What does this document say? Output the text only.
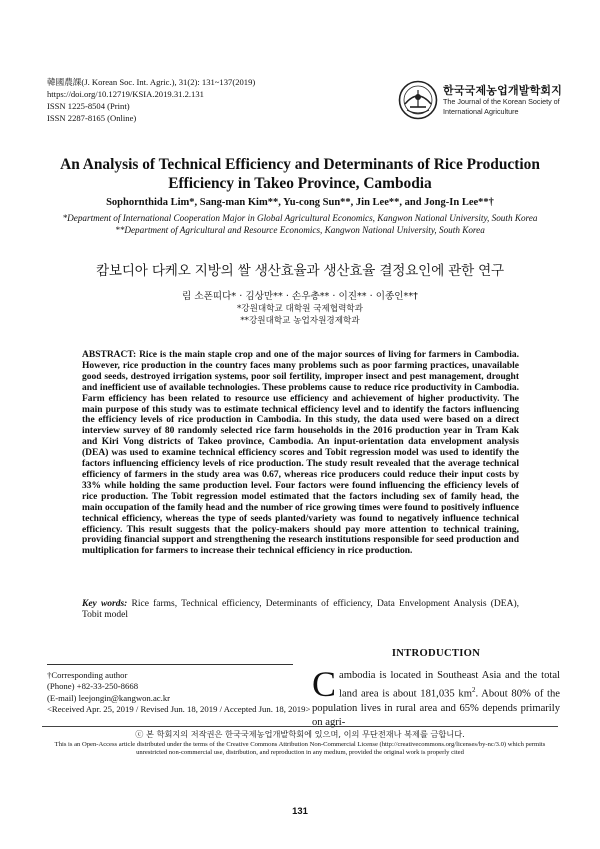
韓國農課(J. Korean Soc. Int. Agric.), 31(2): 131~137(2019)
https://doi.org/10.12719/KSIA.2019.31.2.131
ISSN 1225-8504 (Print)
ISSN 2287-8165 (Online)
한국국제농업개발학회지
The Journal of the Korean Society of International Agriculture
An Analysis of Technical Efficiency and Determinants of Rice Production Efficiency in Takeo Province, Cambodia
Sophornthida Lim*, Sang-man Kim**, Yu-cong Sun**, Jin Lee**, and Jong-In Lee**†
*Department of International Cooperation Major in Global Agricultural Economics, Kangwon National University, South Korea
**Department of Agricultural and Resource Economics, Kangwon National University, South Korea
캄보디아 다케오 지방의 쌀 생산효율과 생산효율 결정요인에 관한 연구
림 소폰띠다* · 김상만** · 손우총** · 이진** · 이종인**†
*강원대학교 대학원 국제협력학과
**강원대학교 농업자원경제학과
ABSTRACT: Rice is the main staple crop and one of the major sources of living for farmers in Cambodia. However, rice production in the country faces many problems such as poor farming practices, unavailable good seeds, destroyed irrigation systems, poor soil fertility, improper insect and pest management, drought and inefficient use of available technologies. These problems cause to reduce rice productivity in Cambodia. Farm efficiency has been related to resource use efficiency and achievement of higher productivity. The main purpose of this study was to estimate technical efficiency level and to identify the factors influencing the efficiency levels of rice production in Cambodia. In this study, the data used were based on a direct interview survey of 80 randomly selected rice farm households in the 2016 production year in Tram Kak and Kiri Vong districts of Takeo province, Cambodia. An input-orientation data envelopment analysis (DEA) was used to examine technical efficiency scores and Tobit regression model was used to identify the factors influencing efficiency levels of rice production. The study result revealed that the average technical efficiency of farmers in the study area was 0.67, whereas rice producers could reduce their input costs by 33% while holding the same production level. Four factors were found influencing the efficiency levels of rice production. The Tobit regression model estimated that the factors including sex of family head, the main occupation of the family head and the number of rice growing times were found to positively influence technical efficiency, whereas the type of seeds planted/variety was found to negatively influence technical efficiency. This result suggests that the policy-makers should pay more attention to technical training, providing financial support and strengthening the research institutions responsible for seed production and multiplication for farmers to increase their technical efficiency in rice production.
Key words: Rice farms, Technical efficiency, Determinants of efficiency, Data Envelopment Analysis (DEA), Tobit model
†Corresponding author
(Phone) +82-33-250-8668
(E-mail) leejongin@kangwon.ac.kr
<Received Apr. 25, 2019 / Revised Jun. 18, 2019 / Accepted Jun. 18, 2019>
INTRODUCTION
Cambodia is located in Southeast Asia and the total land area is about 181,035 $km^2$. About 80% of the population lives in rural area and 65% depends primarily on agri-
ⓒ 본 학회지의 저작권은 한국국제농업개발학회에 있으며, 이의 무단전재나 복제를 금합니다.
This is an Open-Access article distributed under the terms of the Creative Commons Attribution Non-Commercial License (http://creativecommons.org/licenses/by-nc/3.0) which permits unrestricted non-commercial use, distribution, and reproduction in any medium, provided the original work is properly cited
131
